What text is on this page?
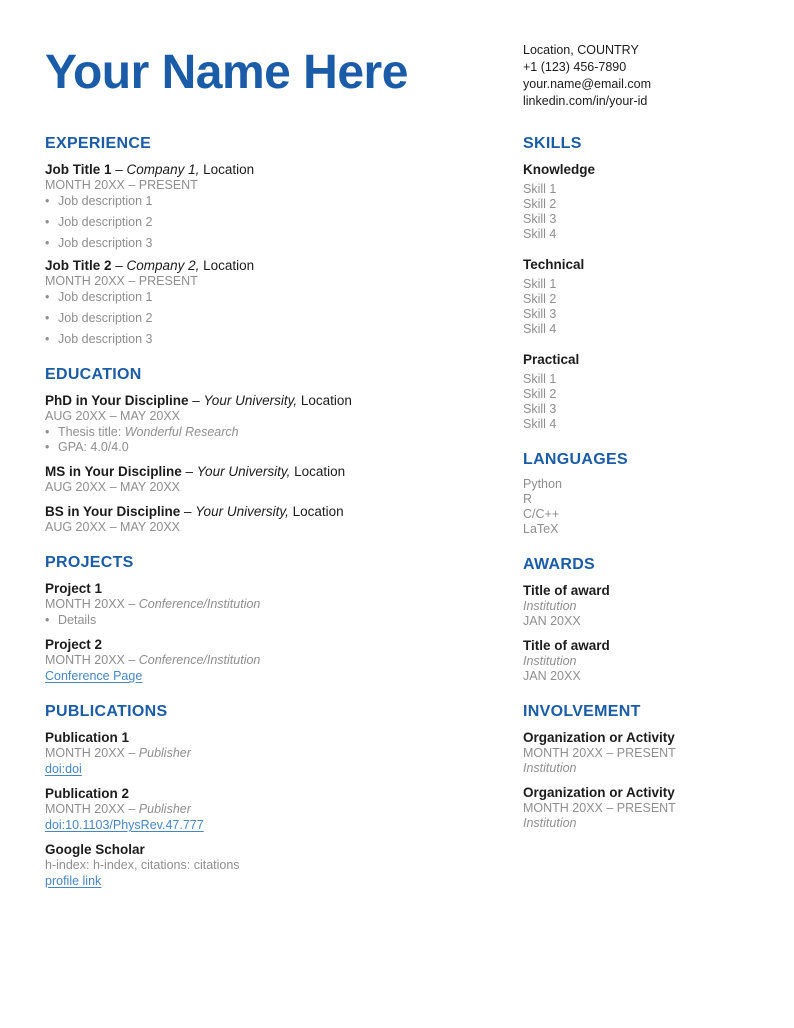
Your Name Here	Location, COUNTRY
+1 (123) 456-7890
your.name@email.com
linkedin.com/in/your-id
EXPERIENCE

Job Title 1 – Company 1, Location

MONTH 20XX – PRESENT

• Job description 1

• Job description 2

• Job description 3

Job Title 2 – Company 2, Location

MONTH 20XX – PRESENT

• Job description 1

• Job description 2

• Job description 3

EDUCATION

PhD in Your Discipline – Your University, Location

AUG 20XX – MAY 20XX

• Thesis title: Wonderful Research

• GPA: 4.0/4.0

MS in Your Discipline – Your University, Location

AUG 20XX – MAY 20XX

BS in Your Discipline – Your University, Location

AUG 20XX – MAY 20XX

PROJECTS

Project 1

MONTH 20XX – Conference/Institution

• Details

Project 2

MONTH 20XX – Conference/Institution

Conference Page

PUBLICATIONS

Publication 1

MONTH 20XX – Publisher

doi:doi

Publication 2

MONTH 20XX – Publisher

doi:10.1103/PhysRev.47.777

Google Scholar

h-index: h-index, citations: citations

profile link

SKILLS

Knowledge

Skill 1

Skill 2

Skill 3

Skill 4

Technical

Skill 1

Skill 2

Skill 3

Skill 4

Practical

Skill 1

Skill 2

Skill 3

Skill 4

LANGUAGES

Python

R

C/C++

LaTeX

AWARDS

Title of award

Institution

JAN 20XX

Title of award

Institution

JAN 20XX

INVOLVEMENT

Organization or Activity

MONTH 20XX – PRESENT

Institution

Organization or Activity

MONTH 20XX – PRESENT

Institution
